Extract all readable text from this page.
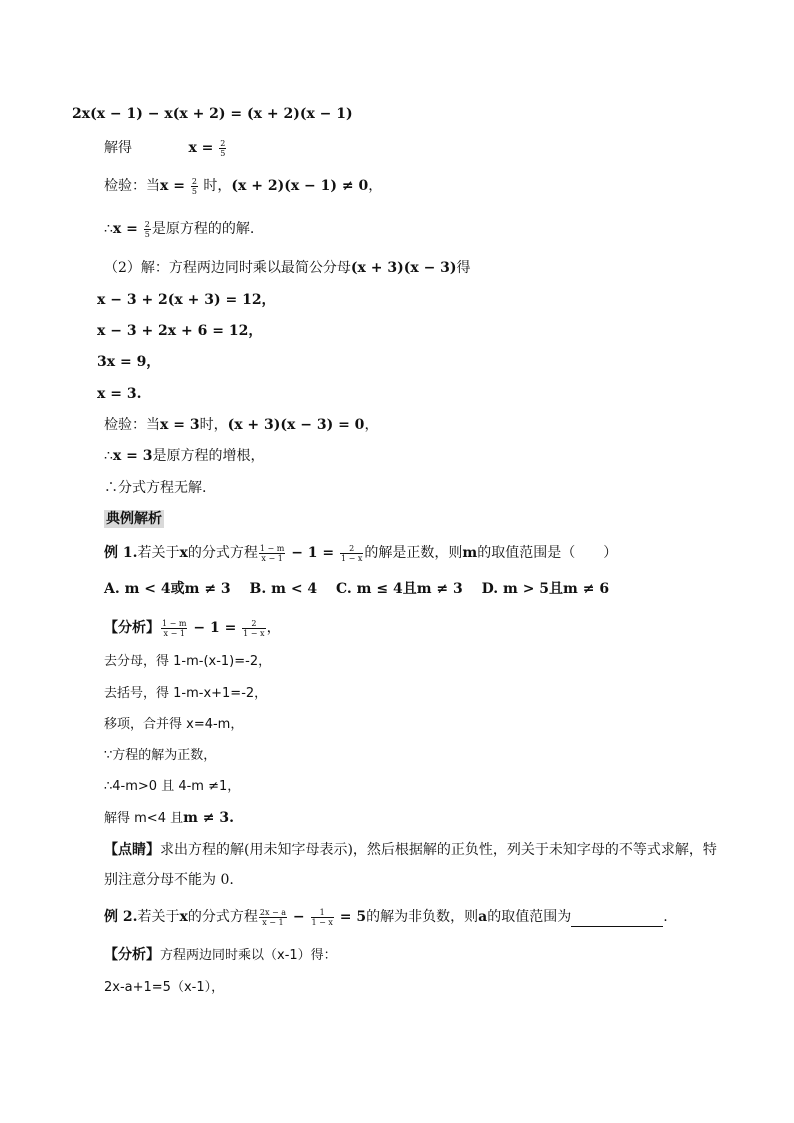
2x(x − 1) − x(x + 2) = (x + 2)(x − 1)
解得	$x = \frac{2}{5}$
检验：当$x = \frac{2}{5}$ 时，(x + 2)(x − 1) ≠ 0，
∴x = $\frac{2}{5}$ 是原方程的的解.
（2）解：方程两边同时乘以最简公分母(x + 3)(x − 3)得
x − 3 + 2(x + 3) = 12，
x − 3 + 2x + 6 = 12，
3x = 9，
x = 3.
检验：当x = 3时，(x + 3)(x − 3) = 0，
∴x = 3是原方程的增根，
∴分式方程无解.
典例解析
例 1.若关于x的分式方程 $\frac{1 - m}{x - 1} - 1 = \frac{2}{1 - x}$ 的解是正数，则m的取值范围是（　　）
A. m < 4或m ≠ 3　 B. m < 4　 C. m ≤ 4且m ≠ 3　 D. m > 5且m ≠ 6
【分析】 $\frac{1 - m}{x - 1} - 1 = \frac{2}{1 - x}$ ，
去分母，得 1-m-(x-1)=-2，
去括号，得 1-m-x+1=-2，
移项，合并得 x=4-m，
∵方程的解为正数，
∴4-m>0 且 4-m ≠1，
解得 m<4 且m ≠ 3.
【点睛】求出方程的解(用未知字母表示)，然后根据解的正负性，列关于未知字母的不等式求解，特别注意分母不能为 0.
例 2.若关于x的分式方程 $\frac{2x - a}{x - 1} - \frac{1}{1 - x} = 5$的解为非负数，则a的取值范围为	.
【分析】方程两边同时乘以（x-1）得：
2x-a+1=5（x-1），
